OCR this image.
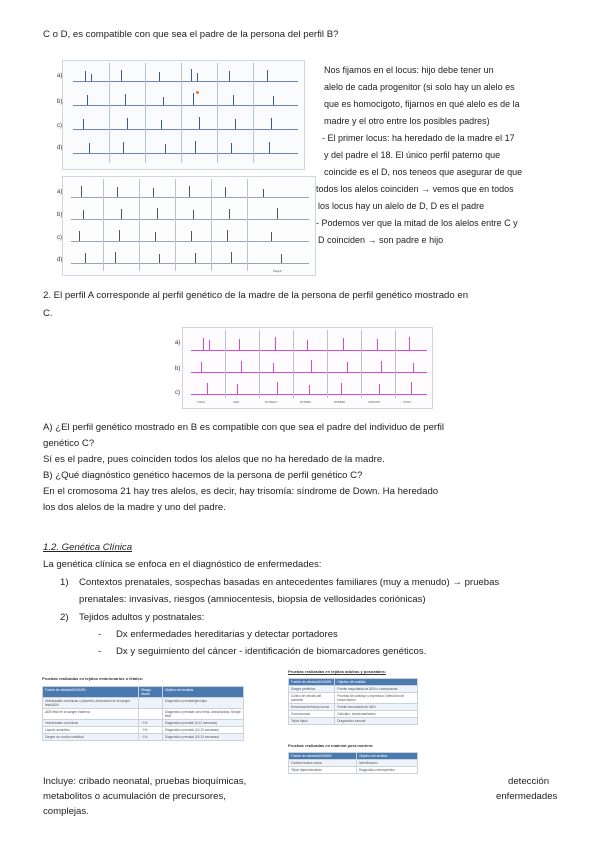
C o D, es compatible con que sea el padre de la persona del perfil B?
a)
b)
c)
d)
a)
b)
c)
d)
Pago5
Nos fijamos en el locus: hijo debe tener un
alelo de cada progenitor (si solo hay un alelo es
que es homocigoto, fijarnos en qué alelo es de la
madre y el otro entre los posibles padres)
- El primer locus: ha heredado de la madre el 17
y del padre el 18. El único perfil paterno que
coincide es el D, nos teneos que asegurar de que
todos los alelos coinciden → vemos que en todos
los locus hay un alelo de D, D es el padre
- Podemos ver que la mitad de los alelos entre C y
D coinciden → son padre e hijo
2. El perfil A corresponde al perfil genético de la madre de la persona de perfil genético mostrado en
C.
a)
b)
c)
THO1	vWA	D13S317	D7S820	D5S818	CSF1PO	TPOX
A) ¿El perfil genético mostrado en B es compatible con que sea el padre del individuo de perfil
genético C?
Sí es el padre, pues coinciden todos los alelos que no ha heredado de la madre.
B) ¿Qué diagnóstico genético hacemos de la persona de perfil genético C?
En el cromosoma 21 hay tres alelos, es decir, hay trisomía: síndrome de Down. Ha heredado
los dos alelos de la madre y uno del padre.
1.2. Genética Clínica
La genética clínica se enfoca en el diagnóstico de enfermedades:
1) Contextos prenatales, sospechas basadas en antecedentes familiares (muy a menudo) → pruebas
prenatales: invasivas, riesgos (amniocentesis, biopsia de vellosidades coriónicas)
2) Tejidos adultos y postnatales:
- Dx enfermedades hereditarias y detectar portadores
- Dx y seguimiento del cáncer - identificación de biomarcadores genéticos.
Pruebas realizadas en tejidos embrionarios o fetales:
Fuente de células/ADN/ARN	Riesgo aborto	Objetivo del análisis
Vellosidades coriónicas o placenta, desecación de la sangre fetal/ADN		Diagnóstico prenatal/genotipo
ADN fetal en la sangre materna		Diagnóstico prenatal: sexo fetal, aneuploidías; Sexaje fetal
Vellosidades coriónicas	~1%	Diagnóstico prenatal (9-12 semanas)
Líquido amniótico	~1%	Diagnóstico prenatal (15-20 semanas)
Sangre de cordón umbilical	~1%	Diagnóstico prenatal (18-20 semanas)
Pruebas realizadas en tejidos adultos y posnatales:
Fuente de células/ADN/ARN	Objetivo del análisis
Sangre periférica	Fuente mayoritaria de ADN o cromosomas
Cultivo de células del paciente	Pruebas de cariotipo y expresión; Detección de tumor/cáncer
Descamación/hisopo bucal	Fuente secundaria de ADN
Cromosomas	Cariotipo, reordenamientos
Tejido fijado	Diagnóstico tumoral
Pruebas realizadas en material post-mortem:
Fuente de células/ADN/ARN	Objetivo del análisis
Cadáver/restos óseos	Identificación
Tejido fijado/muestras	Diagnóstico retrospectivo
Incluye: cribado neonatal, pruebas bioquímicas,
metabolitos o acumulación de precursores,
complejas.
detección
enfermedades
